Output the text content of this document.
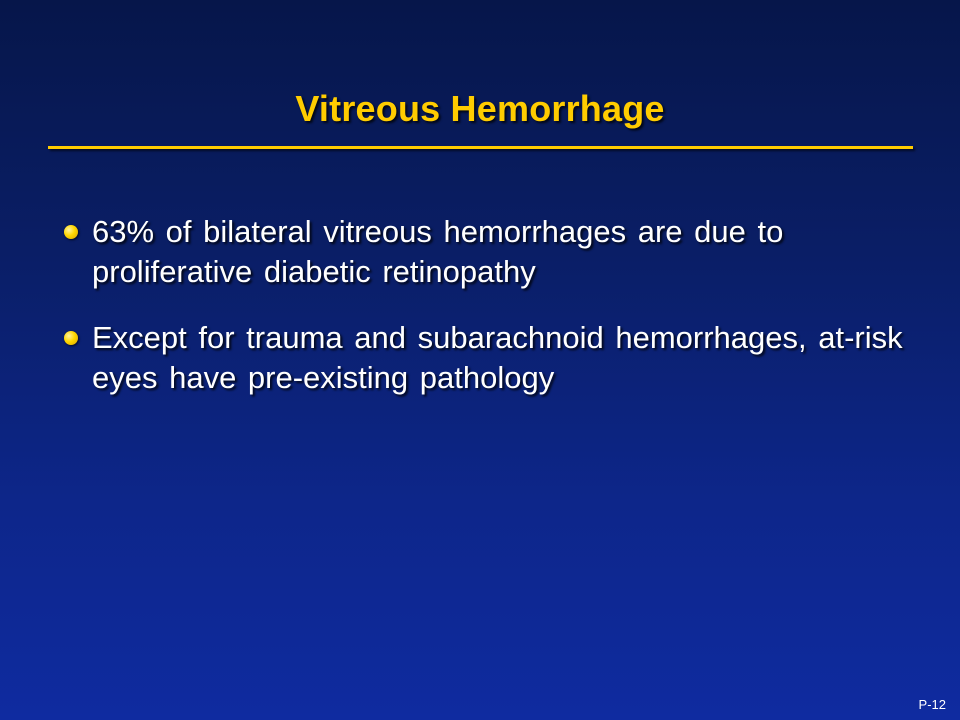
Vitreous Hemorrhage
63% of bilateral vitreous hemorrhages are due to proliferative diabetic retinopathy
Except for trauma and subarachnoid hemorrhages, at-risk eyes have pre-existing pathology
P-12
